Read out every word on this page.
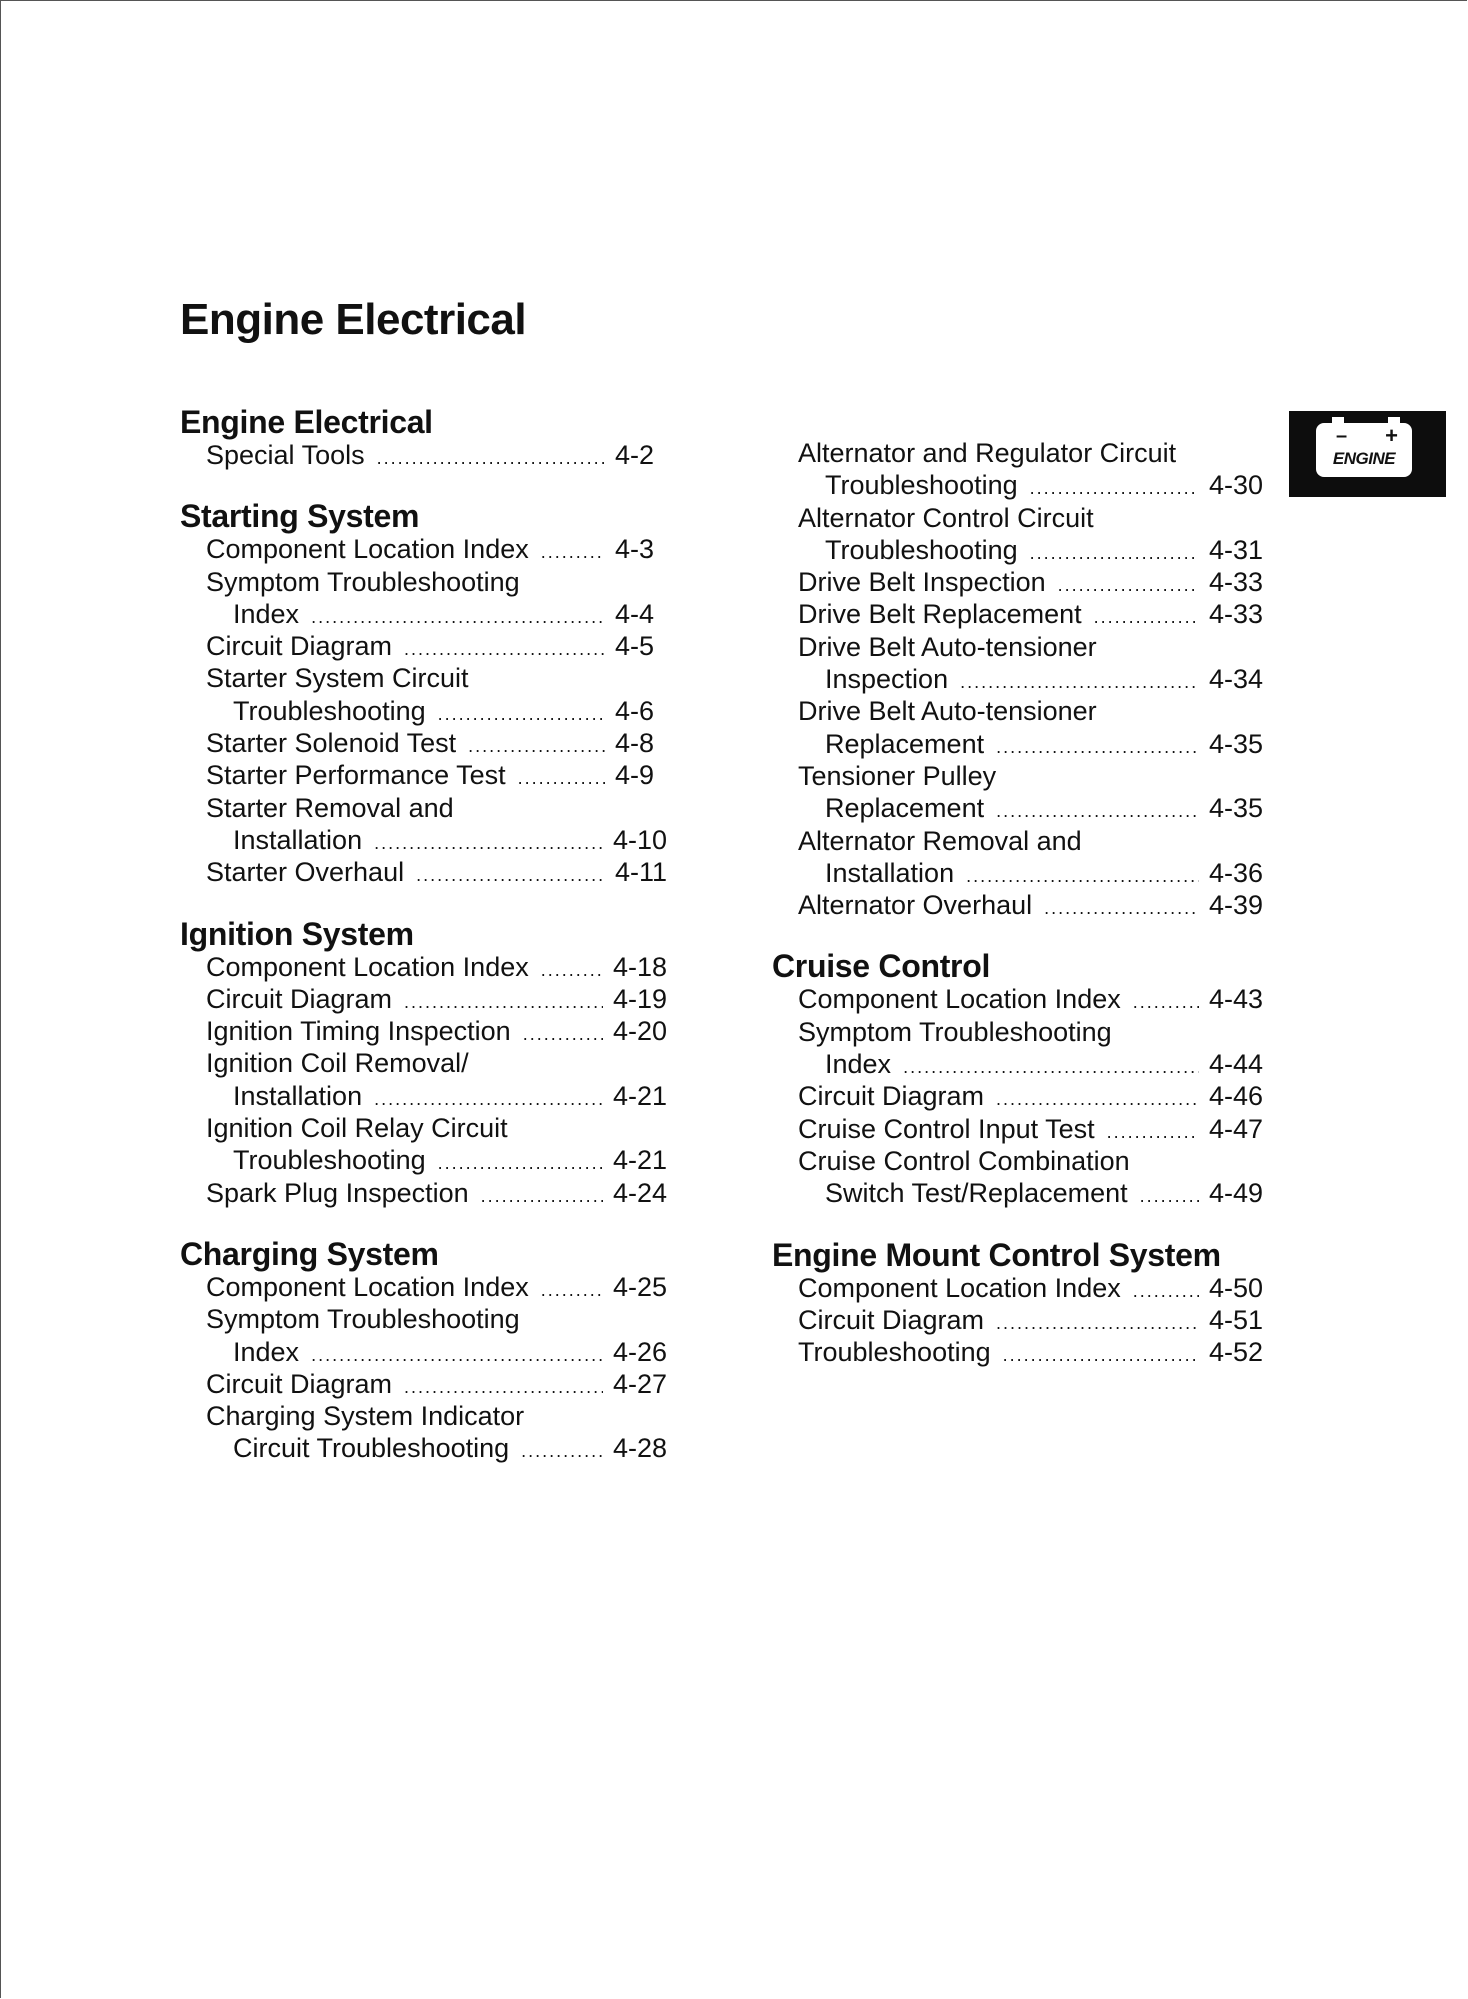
Engine Electrical
Engine Electrical
Special Tools .....	4-2
Starting System
Component Location Index .....	4-3
Symptom Troubleshooting
Index .....	4-4
Circuit Diagram .....	4-5
Starter System Circuit
Troubleshooting .....	4-6
Starter Solenoid Test .....	4-8
Starter Performance Test .....	4-9
Starter Removal and
Installation .....	4-10
Starter Overhaul .....	4-11
Ignition System
Component Location Index .....	4-18
Circuit Diagram .....	4-19
Ignition Timing Inspection .....	4-20
Ignition Coil Removal/
Installation .....	4-21
Ignition Coil Relay Circuit
Troubleshooting .....	4-21
Spark Plug Inspection .....	4-24
Charging System
Component Location Index .....	4-25
Symptom Troubleshooting
Index .....	4-26
Circuit Diagram .....	4-27
Charging System Indicator
Circuit Troubleshooting .....	4-28
Alternator and Regulator Circuit
Troubleshooting .....	4-30
Alternator Control Circuit
Troubleshooting .....	4-31
Drive Belt Inspection .....	4-33
Drive Belt Replacement .....	4-33
Drive Belt Auto-tensioner
Inspection .....	4-34
Drive Belt Auto-tensioner
Replacement .....	4-35
Tensioner Pulley
Replacement .....	4-35
Alternator Removal and
Installation .....	4-36
Alternator Overhaul .....	4-39
Cruise Control
Component Location Index .....	4-43
Symptom Troubleshooting
Index .....	4-44
Circuit Diagram .....	4-46
Cruise Control Input Test .....	4-47
Cruise Control Combination
Switch Test/Replacement .....	4-49
Engine Mount Control System
Component Location Index .....	4-50
Circuit Diagram .....	4-51
Troubleshooting .....	4-52
– +
ENGINE
